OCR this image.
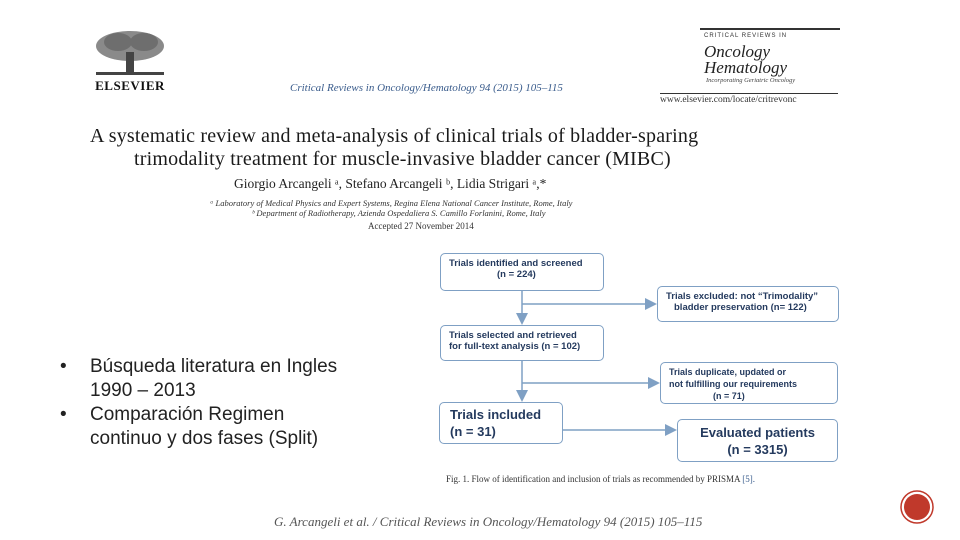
ELSEVIER	Critical Reviews in Oncology/Hematology 94 (2015) 105–115
CRITICAL REVIEWS IN
Oncology
Hematology
Incorporating Geriatric Oncology
www.elsevier.com/locate/critrevonc
A systematic review and meta-analysis of clinical trials of bladder-sparing
trimodality treatment for muscle-invasive bladder cancer (MIBC)
Giorgio Arcangeli ᵃ, Stefano Arcangeli ᵇ, Lidia Strigari ᵃ,*
ᵃ Laboratory of Medical Physics and Expert Systems, Regina Elena National Cancer Institute, Rome, Italy
ᵇ Department of Radiotherapy, Azienda Ospedaliera S. Camillo Forlanini, Rome, Italy
Accepted 27 November 2014
• Búsqueda literatura en Ingles
1990 – 2013
• Comparación Regimen
continuo y dos fases (Split)
Trials identified and screened
(n = 224)
Trials excluded: not “Trimodality”
bladder preservation (n= 122)
Trials selected and retrieved
for full-text analysis (n = 102)
Trials duplicate, updated or
not fulfilling our requirements
(n = 71)
Trials included
(n = 31)	Evaluated patients
(n = 3315)
Fig. 1. Flow of identification and inclusion of trials as recommended by PRISMA [5].
G. Arcangeli et al. / Critical Reviews in Oncology/Hematology 94 (2015) 105–115
